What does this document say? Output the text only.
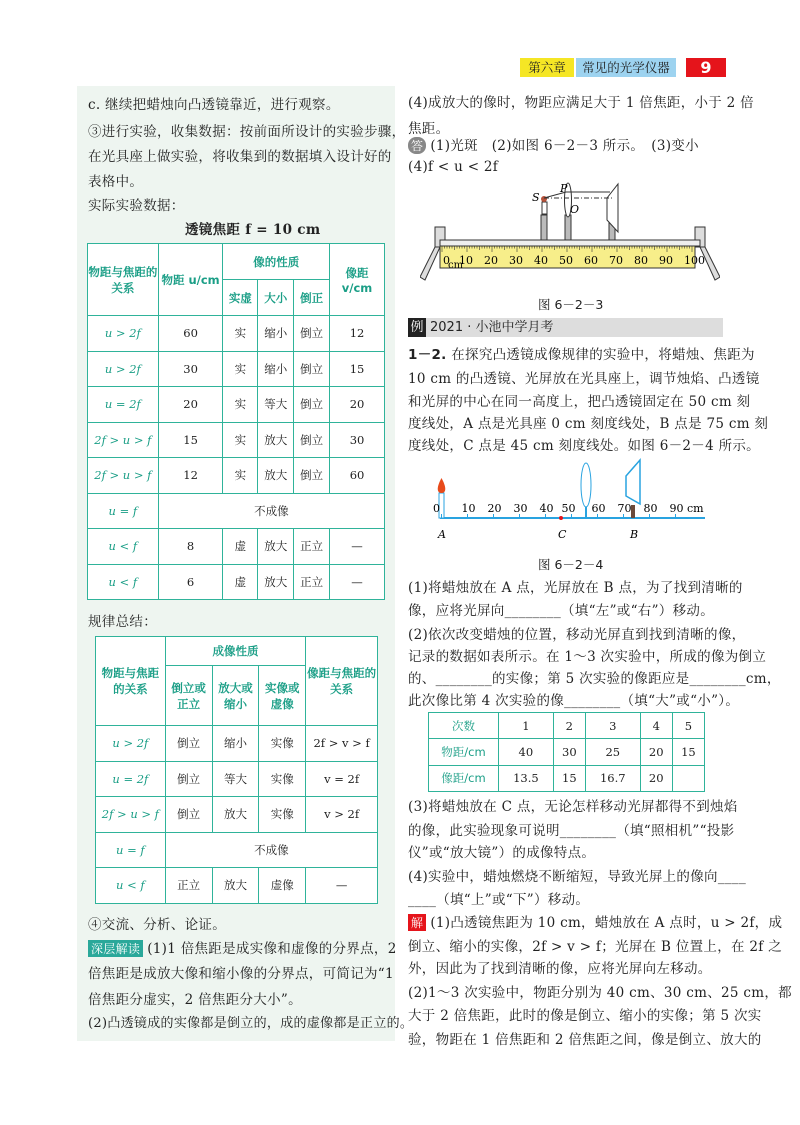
第六章	常见的光学仪器	9
c. 继续把蜡烛向凸透镜靠近，进行观察。
③进行实验，收集数据：按前面所设计的实验步骤，
在光具座上做实验，将收集到的数据填入设计好的
表格中。
实际实验数据：
透镜焦距 f = 10 cm
物距与焦距的关系	物距 u/cm	像的性质			像距 v/cm
		实虚	大小	倒正	
u > 2f	60	实	缩小	倒立	12
u > 2f	30	实	缩小	倒立	15
u = 2f	20	实	等大	倒立	20
2f > u > f	15	实	放大	倒立	30
2f > u > f	12	实	放大	倒立	60
u = f	不成像				
u < f	8	虚	放大	正立	—
u < f	6	虚	放大	正立	—
规律总结：
物距与焦距的关系	成像性质			像距与焦距的关系
	倒立或正立	放大或缩小	实像或虚像	
u > 2f	倒立	缩小	实像	2f > v > f
u = 2f	倒立	等大	实像	v = 2f
2f > u > f	倒立	放大	实像	v > 2f
u = f	不成像			
u < f	正立	放大	虚像	—
④交流、分析、论证。
深层解读 (1)1 倍焦距是成实像和虚像的分界点，2
倍焦距是成放大像和缩小像的分界点，可简记为“1
倍焦距分虚实，2 倍焦距分大小”。
(2)凸透镜成的实像都是倒立的，成的虚像都是正立的。
(4)成放大的像时，物距应满足大于 1 倍焦距，小于 2 倍
焦距。
答 (1)光斑　(2)如图 6－2－3 所示。　(3)变小
(4)f < u < 2f
0 10 20 30 40 50 60 70 80 90 100
cm
S
P
O
图 6－2－3
例 2021 · 小池中学月考
1－2. 在探究凸透镜成像规律的实验中，将蜡烛、焦距为
10 cm 的凸透镜、光屏放在光具座上，调节烛焰、凸透镜
和光屏的中心在同一高度上，把凸透镜固定在 50 cm 刻
度线处，A 点是光具座 0 cm 刻度线处，B 点是 75 cm 刻
度线处，C 点是 45 cm 刻度线处。如图 6－2－4 所示。
0 10 20 30 40 50 60 70 80 90 cm
A	C	B
图 6－2－4
(1)将蜡烛放在 A 点，光屏放在 B 点，为了找到清晰的
像，应将光屏向________（填“左”或“右”）移动。
(2)依次改变蜡烛的位置，移动光屏直到找到清晰的像，
记录的数据如表所示。在 1～3 次实验中，所成的像为倒立
的、________的实像；第 5 次实验的像距应是________cm，
此次像比第 4 次实验的像________（填“大”或“小”）。
次数	1	2	3	4	5
物距/cm	40	30	25	20	15
像距/cm	13.5	15	16.7	20	
(3)将蜡烛放在 C 点，无论怎样移动光屏都得不到烛焰
的像，此实验现象可说明________（填“照相机”“投影
仪”或“放大镜”）的成像特点。
(4)实验中，蜡烛燃烧不断缩短，导致光屏上的像向____
____（填“上”或“下”）移动。
解 (1)凸透镜焦距为 10 cm，蜡烛放在 A 点时，u > 2f，成
倒立、缩小的实像，2f > v > f；光屏在 B 位置上，在 2f 之
外，因此为了找到清晰的像，应将光屏向左移动。
(2)1～3 次实验中，物距分别为 40 cm、30 cm、25 cm，都
大于 2 倍焦距，此时的像是倒立、缩小的实像；第 5 次实
验，物距在 1 倍焦距和 2 倍焦距之间，像是倒立、放大的
